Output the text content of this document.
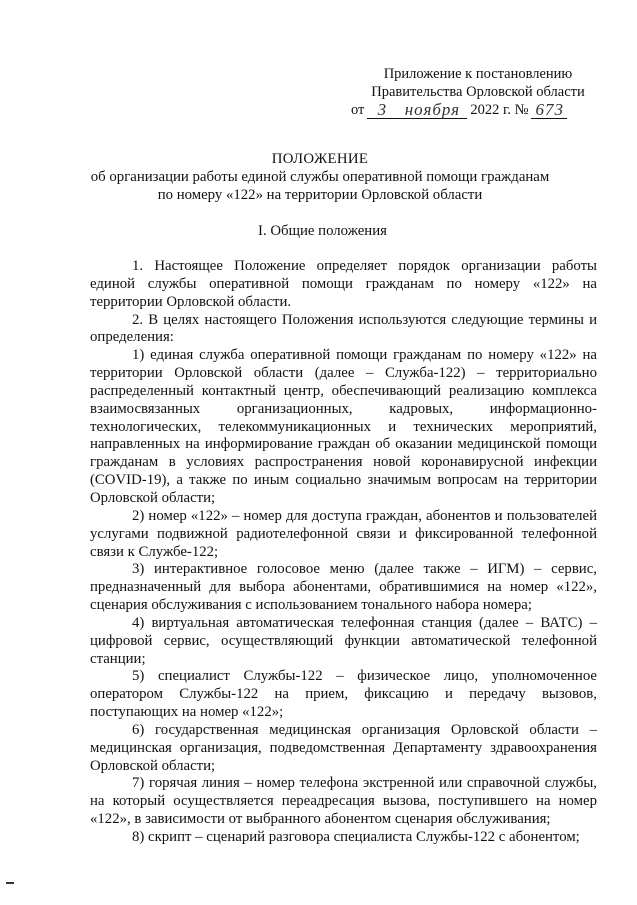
Приложение к постановлению
Правительства Орловской области
от 3	ноября 2022 г. № 673
ПОЛОЖЕНИЕ
об организации работы единой службы оперативной помощи гражданам
по номеру «122» на территории Орловской области
I. Общие положения

1. Настоящее Положение определяет порядок организации работы единой службы оперативной помощи гражданам по номеру «122» на территории Орловской области.

2. В целях настоящего Положения используются следующие термины и определения:

1) единая служба оперативной помощи гражданам по номеру «122» на территории Орловской области (далее – Служба-122) – территориально распределенный контактный центр, обеспечивающий реализацию комплекса взаимосвязанных организационных, кадровых, информационно-технологических, телекоммуникационных и технических мероприятий, направленных на информирование граждан об оказании медицинской помощи гражданам в условиях распространения новой коронавирусной инфекции (COVID-19), а также по иным социально значимым вопросам на территории Орловской области;

2) номер «122» – номер для доступа граждан, абонентов и пользователей услугами подвижной радиотелефонной связи и фиксированной телефонной связи к Службе-122;

3) интерактивное голосовое меню (далее также – ИГМ) – сервис, предназначенный для выбора абонентами, обратившимися на номер «122», сценария обслуживания с использованием тонального набора номера;

4) виртуальная автоматическая телефонная станция (далее – ВАТС) – цифровой сервис, осуществляющий функции автоматической телефонной станции;

5) специалист Службы-122 – физическое лицо, уполномоченное оператором Службы-122 на прием, фиксацию и передачу вызовов, поступающих на номер «122»;

6) государственная медицинская организация Орловской области – медицинская организация, подведомственная Департаменту здравоохранения Орловской области;

7) горячая линия – номер телефона экстренной или справочной службы, на который осуществляется переадресация вызова, поступившего на номер «122», в зависимости от выбранного абонентом сценария обслуживания;

8) скрипт – сценарий разговора специалиста Службы-122 с абонентом;
